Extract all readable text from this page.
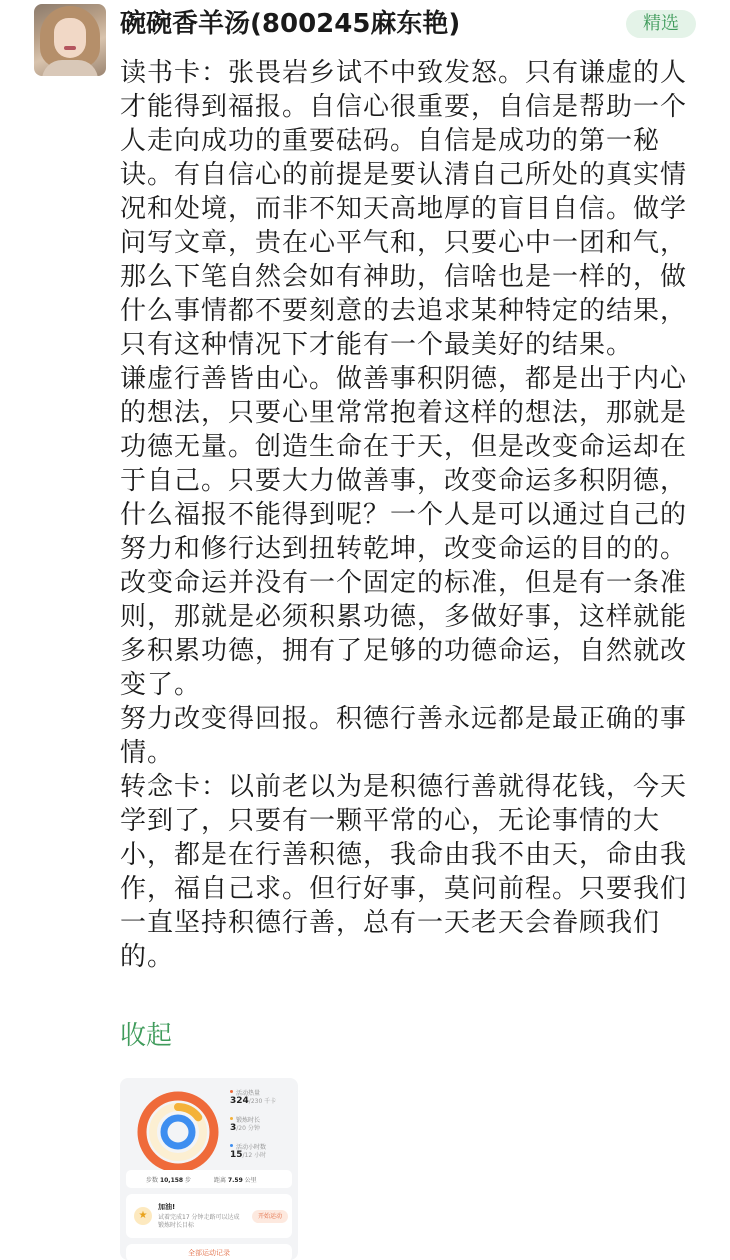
碗碗香羊汤(800245麻东艳)	精选

读书卡：张畏岩乡试不中致发怒。只有谦虚的人才能得到福报。自信心很重要，自信是帮助一个人走向成功的重要砝码。自信是成功的第一秘诀。有自信心的前提是要认清自己所处的真实情况和处境，而非不知天高地厚的盲目自信。做学问写文章，贵在心平气和，只要心中一团和气，那么下笔自然会如有神助，信啥也是一样的，做什么事情都不要刻意的去追求某种特定的结果，只有这种情况下才能有一个最美好的结果。

谦虚行善皆由心。做善事积阴德，都是出于内心的想法，只要心里常常抱着这样的想法，那就是功德无量。创造生命在于天，但是改变命运却在于自己。只要大力做善事，改变命运多积阴德，什么福报不能得到呢？一个人是可以通过自己的努力和修行达到扭转乾坤，改变命运的目的的。改变命运并没有一个固定的标准，但是有一条准则，那就是必须积累功德，多做好事，这样就能多积累功德，拥有了足够的功德命运，自然就改变了。

努力改变得回报。积德行善永远都是最正确的事情。

转念卡：以前老以为是积德行善就得花钱，今天学到了，只要有一颗平常的心，无论事情的大小，都是在行善积德，我命由我不由天，命由我作，福自己求。但行好事，莫问前程。只要我们一直坚持积德行善，总有一天老天会眷顾我们的。

收起
活动热量
324/230 千卡
锻炼时长
3/20 分钟
活动小时数
15/12 小时
步数 10,158 步	距离 7.59 公里
★
加油!
试着完成17 分钟走路可以达成锻炼时长目标
开始运动
全部运动记录
